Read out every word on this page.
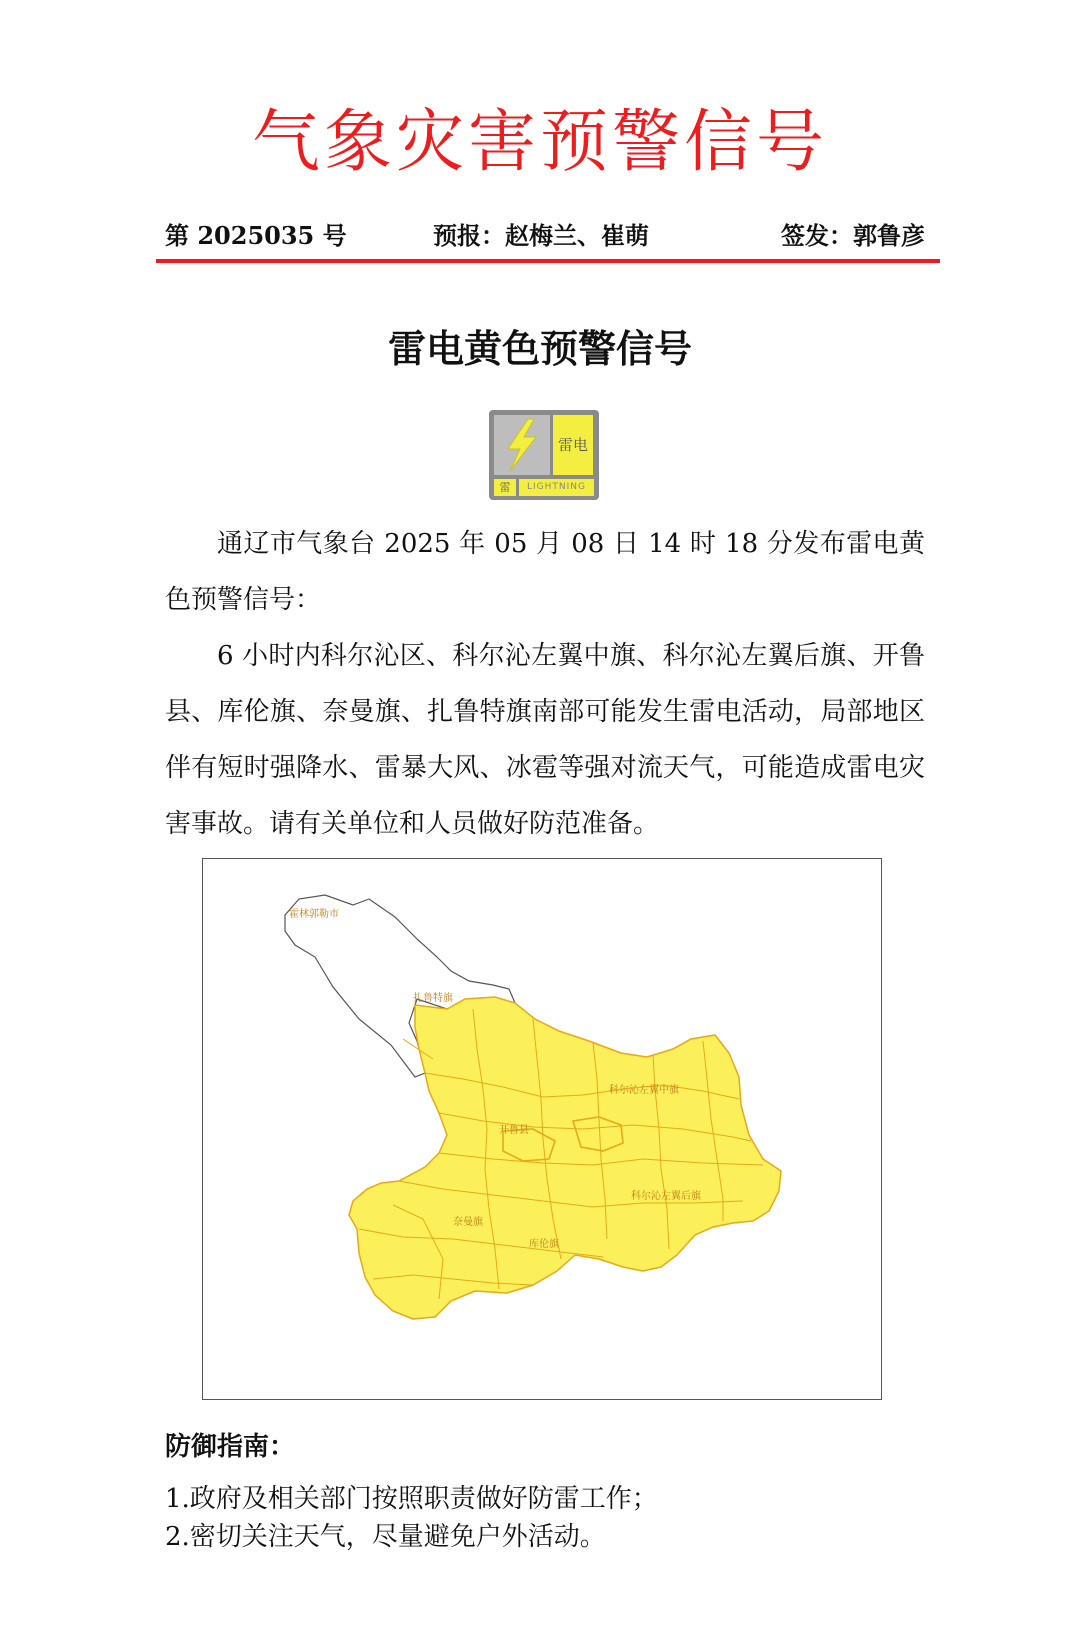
气象灾害预警信号
第 2025035 号	预报：赵梅兰、崔萌	签发：郭鲁彦
雷电黄色预警信号
雷电
雷	LIGHTNING
通辽市气象台 2025 年 05 月 08 日 14 时 18 分发布雷电黄色预警信号：
6 小时内科尔沁区、科尔沁左翼中旗、科尔沁左翼后旗、开鲁县、库伦旗、奈曼旗、扎鲁特旗南部可能发生雷电活动，局部地区伴有短时强降水、雷暴大风、冰雹等强对流天气，可能造成雷电灾害事故。请有关单位和人员做好防范准备。
霍林郭勒市
扎鲁特旗
科尔沁左翼中旗
开鲁县
科尔沁左翼后旗
奈曼旗
库伦旗
防御指南：
1.政府及相关部门按照职责做好防雷工作；
2.密切关注天气，尽量避免户外活动。
